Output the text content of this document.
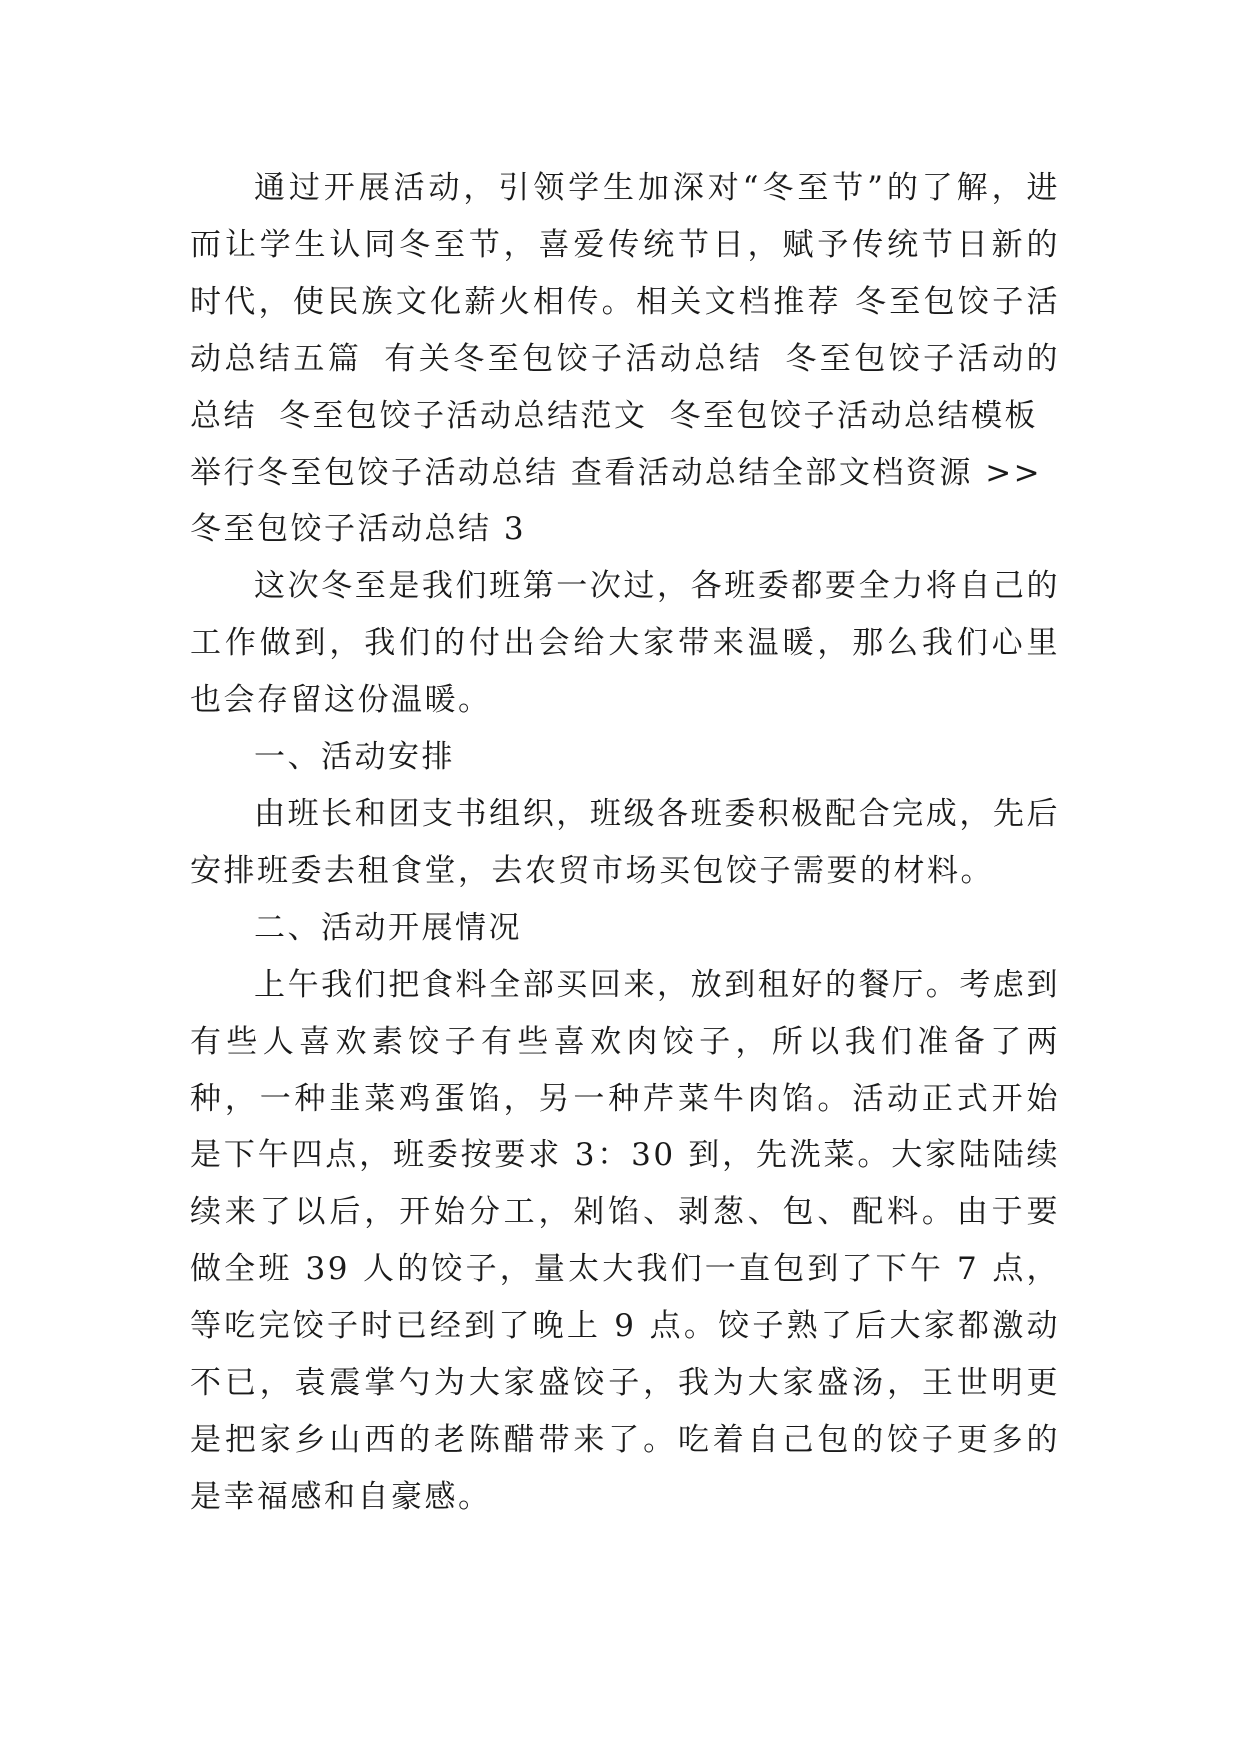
通过开展活动，引领学生加深对“冬至节”的了解，进而让学生认同冬至节，喜爱传统节日，赋予传统节日新的时代，使民族文化薪火相传。相关文档推荐 冬至包饺子活动总结五篇 有关冬至包饺子活动总结 冬至包饺子活动的总结 冬至包饺子活动总结范文 冬至包饺子活动总结模板举行冬至包饺子活动总结 查看活动总结全部文档资源 >>

冬至包饺子活动总结 3

这次冬至是我们班第一次过，各班委都要全力将自己的工作做到，我们的付出会给大家带来温暖，那么我们心里也会存留这份温暖。

一、活动安排

由班长和团支书组织，班级各班委积极配合完成，先后安排班委去租食堂，去农贸市场买包饺子需要的材料。

二、活动开展情况

上午我们把食料全部买回来，放到租好的餐厅。考虑到有些人喜欢素饺子有些喜欢肉饺子，所以我们准备了两种，一种韭菜鸡蛋馅，另一种芹菜牛肉馅。活动正式开始是下午四点，班委按要求 3：30 到，先洗菜。大家陆陆续续来了以后，开始分工，剁馅、剥葱、包、配料。由于要做全班 39 人的饺子，量太大我们一直包到了下午 7 点，等吃完饺子时已经到了晚上 9 点。饺子熟了后大家都激动不已，袁震掌勺为大家盛饺子，我为大家盛汤，王世明更是把家乡山西的老陈醋带来了。吃着自己包的饺子更多的是幸福感和自豪感。
